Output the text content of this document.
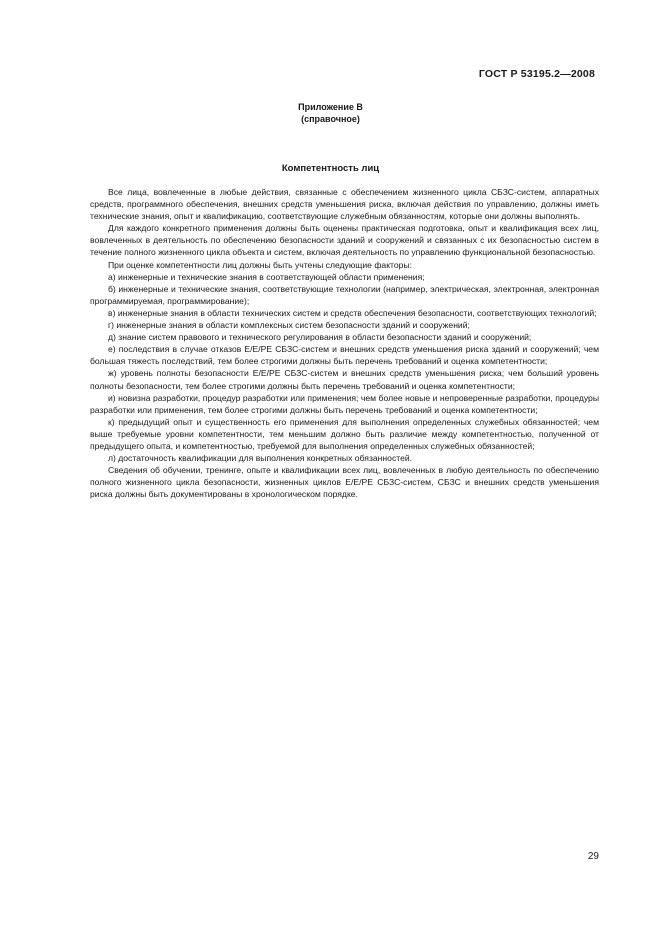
ГОСТ Р 53195.2—2008
Приложение В
(справочное)
Компетентность лиц

Все лица, вовлеченные в любые действия, связанные с обеспечением жизненного цикла СБЗС-систем, аппаратных средств, программного обеспечения, внешних средств уменьшения риска, включая действия по управлению, должны иметь технические знания, опыт и квалификацию, соответствующие служебным обязанностям, которые они должны выполнять.

Для каждого конкретного применения должны быть оценены практическая подготовка, опыт и квалификация всех лиц, вовлеченных в деятельность по обеспечению безопасности зданий и сооружений и связанных с их безопасностью систем в течение полного жизненного цикла объекта и систем, включая деятельность по управлению функциональной безопасностью.

При оценке компетентности лиц должны быть учтены следующие факторы:

а) инженерные и технические знания в соответствующей области применения;

б) инженерные и технические знания, соответствующие технологии (например, электрическая, электронная, электронная программируемая, программирование);

в) инженерные знания в области технических систем и средств обеспечения безопасности, соответствующих технологий;

г) инженерные знания в области комплексных систем безопасности зданий и сооружений;

д) знание систем правового и технического регулирования в области безопасности зданий и сооружений;

е) последствия в случае отказов Е/Е/РЕ СБЗС-систем и внешних средств уменьшения риска зданий и сооружений; чем большая тяжесть последствий, тем более строгими должны быть перечень требований и оценка компетентности;

ж) уровень полноты безопасности Е/Е/РЕ СБЗС-систем и внешних средств уменьшения риска; чем больший уровень полноты безопасности, тем более строгими должны быть перечень требований и оценка компетентности;

и) новизна разработки, процедур разработки или применения; чем более новые и непроверенные разработки, процедуры разработки или применения, тем более строгими должны быть перечень требований и оценка компетентности;

к) предыдущий опыт и существенность его применения для выполнения определенных служебных обязанностей; чем выше требуемые уровни компетентности, тем меньшим должно быть различие между компетентностью, полученной от предыдущего опыта, и компетентностью, требуемой для выполнения определенных служебных обязанностей;

л) достаточность квалификации для выполнения конкретных обязанностей.

Сведения об обучении, тренинге, опыте и квалификации всех лиц, вовлеченных в любую деятельность по обеспечению полного жизненного цикла безопасности, жизненных циклов Е/Е/РЕ СБЗС-систем, СБЗС и внешних средств уменьшения риска должны быть документированы в хронологическом порядке.

29
